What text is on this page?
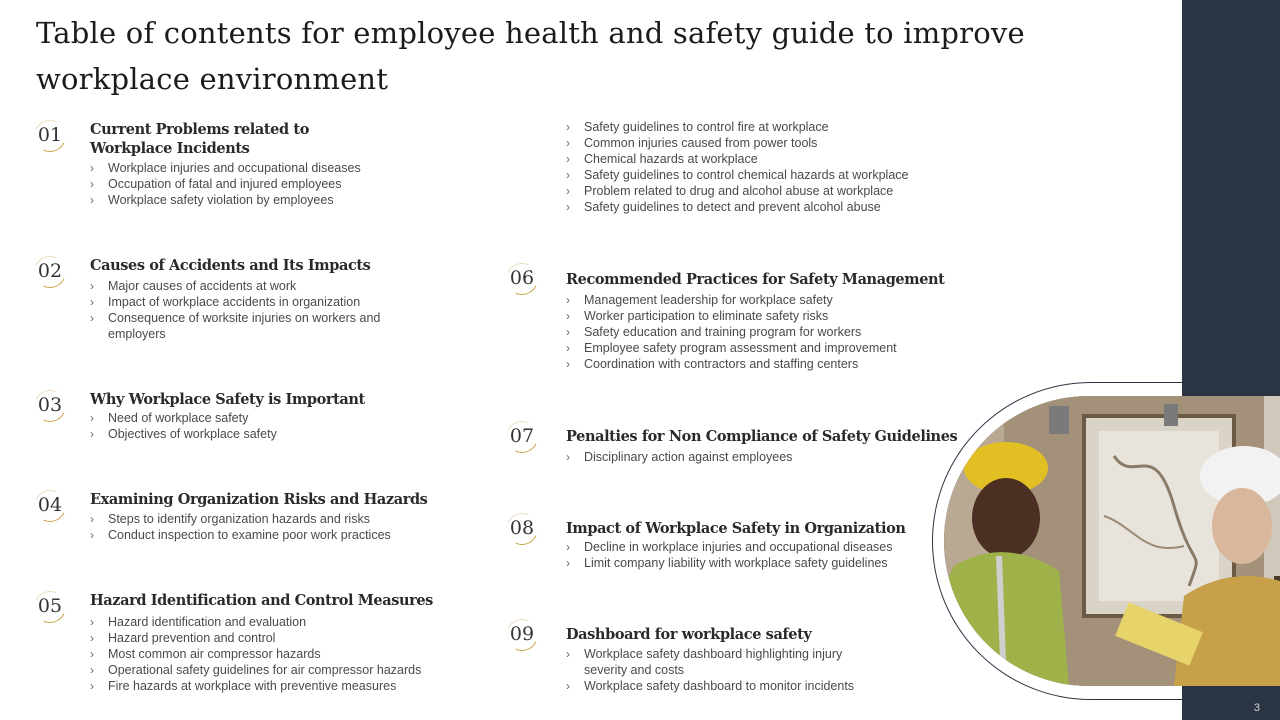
Table of contents for employee health and safety guide to improve workplace environment
01 Current Problems related to Workplace Incidents
› Workplace injuries and occupational diseases
› Occupation of fatal and injured employees
› Workplace safety violation by employees
02 Causes of Accidents and Its Impacts
› Major causes of accidents at work
› Impact of workplace accidents in organization
› Consequence of worksite injuries on workers and employers
03 Why Workplace Safety is Important
› Need of workplace safety
› Objectives of workplace safety
04 Examining Organization Risks and Hazards
› Steps to identify organization hazards and risks
› Conduct inspection to examine poor work practices
05 Hazard Identification and Control Measures
› Hazard identification and evaluation
› Hazard prevention and control
› Most common air compressor hazards
› Operational safety guidelines for air compressor hazards
› Fire hazards at workplace with preventive measures
› Safety guidelines to control fire at workplace
› Common injuries caused from power tools
› Chemical hazards at workplace
› Safety guidelines to control chemical hazards at workplace
› Problem related to drug and alcohol abuse at workplace
› Safety guidelines to detect and prevent alcohol abuse
06 Recommended Practices for Safety Management
› Management leadership for workplace safety
› Worker participation to eliminate safety risks
› Safety education and training program for workers
› Employee safety program assessment and improvement
› Coordination with contractors and staffing centers
07 Penalties for Non Compliance of Safety Guidelines
› Disciplinary action against employees
08 Impact of Workplace Safety in Organization
› Decline in workplace injuries and occupational diseases
› Limit company liability with workplace safety guidelines
09 Dashboard for workplace safety
› Workplace safety dashboard highlighting injury severity and costs
› Workplace safety dashboard to monitor incidents
3
